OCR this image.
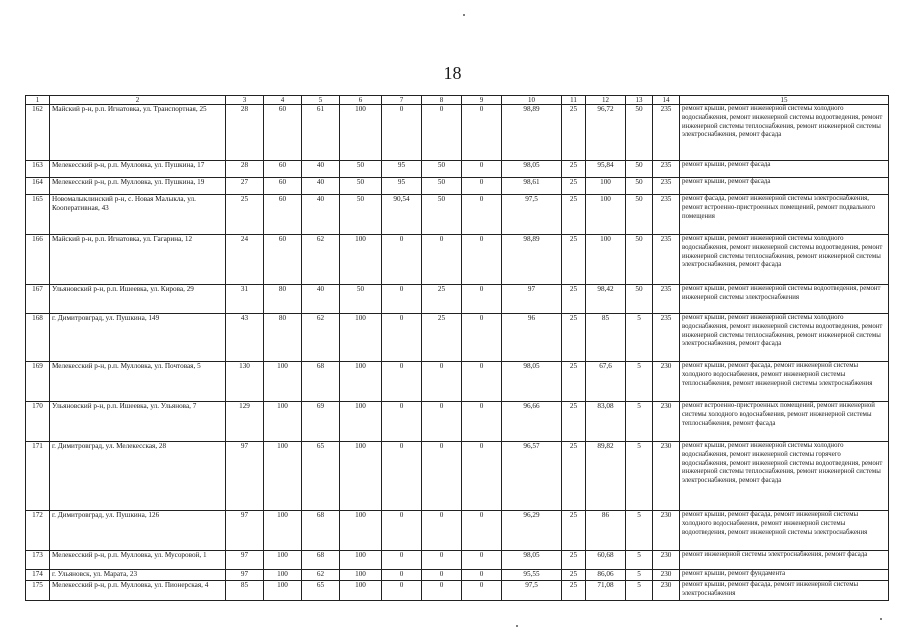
18
1	2	3	4	5	6	7	8	9	10	11	12	13	14	15
162	Майский р-н, р.п. Игнатовка, ул. Транспортная, 25	28	60	61	100	0	0	0	98,89	25	96,72	50	235	ремонт крыши, ремонт инженерной системы холодного водоснабжения, ремонт инженерной системы водоотведения, ремонт инженерной системы теплоснабжения, ремонт инженерной системы электроснабжения, ремонт фасада
163	Мелекесский р-н, р.п. Мулловка, ул. Пушкина, 17	28	60	40	50	95	50	0	98,05	25	95,84	50	235	ремонт крыши, ремонт фасада
164	Мелекесский р-н, р.п. Мулловка, ул. Пушкина, 19	27	60	40	50	95	50	0	98,61	25	100	50	235	ремонт крыши, ремонт фасада
165	Новомалыклинский р-н, с. Новая Малыкла, ул. Кооперативная, 43	25	60	40	50	90,54	50	0	97,5	25	100	50	235	ремонт фасада, ремонт инженерной системы электроснабжения, ремонт встроенно-пристроенных помещений, ремонт подвального помещения
166	Майский р-н, р.п. Игнатовка, ул. Гагарина, 12	24	60	62	100	0	0	0	98,89	25	100	50	235	ремонт крыши, ремонт инженерной системы холодного водоснабжения, ремонт инженерной системы водоотведения, ремонт инженерной системы теплоснабжения, ремонт инженерной системы электроснабжения, ремонт фасада
167	Ульяновский р-н, р.п. Ишеевка, ул. Кирова, 29	31	80	40	50	0	25	0	97	25	98,42	50	235	ремонт крыши, ремонт инженерной системы водоотведения, ремонт инженерной системы электроснабжения
168	г. Димитровград, ул. Пушкина, 149	43	80	62	100	0	25	0	96	25	85	5	235	ремонт крыши, ремонт инженерной системы холодного водоснабжения, ремонт инженерной системы водоотведения, ремонт инженерной системы теплоснабжения, ремонт инженерной системы электроснабжения, ремонт фасада
169	Мелекесский р-н, р.п. Мулловка, ул. Почтовая, 5	130	100	68	100	0	0	0	98,05	25	67,6	5	230	ремонт крыши, ремонт фасада, ремонт инженерной системы холодного водоснабжения, ремонт инженерной системы теплоснабжения, ремонт инженерной системы электроснабжения
170	Ульяновский р-н, р.п. Ишеевка, ул. Ульянова, 7	129	100	69	100	0	0	0	96,66	25	83,08	5	230	ремонт встроенно-пристроенных помещений, ремонт инженерной системы холодного водоснабжения, ремонт инженерной системы теплоснабжения, ремонт фасада
171	г. Димитровград, ул. Мелекесская, 28	97	100	65	100	0	0	0	96,57	25	89,82	5	230	ремонт крыши, ремонт инженерной системы холодного водоснабжения, ремонт инженерной системы горячего водоснабжения, ремонт инженерной системы водоотведения, ремонт инженерной системы теплоснабжения, ремонт инженерной системы электроснабжения, ремонт фасада
172	г. Димитровград, ул. Пушкина, 126	97	100	68	100	0	0	0	96,29	25	86	5	230	ремонт крыши, ремонт фасада, ремонт инженерной системы холодного водоснабжения, ремонт инженерной системы водоотведения, ремонт инженерной системы электроснабжения
173	Мелекесский р-н, р.п. Мулловка, ул. Мусоровой, 1	97	100	68	100	0	0	0	98,05	25	60,68	5	230	ремонт инженерной системы электроснабжения, ремонт фасада
174	г. Ульяновск, ул. Марата, 23	97	100	62	100	0	0	0	95,55	25	86,06	5	230	ремонт крыши, ремонт фундамента
175	Мелекесский р-н, р.п. Мулловка, ул. Пионерская, 4	85	100	65	100	0	0	0	97,5	25	71,08	5	230	ремонт крыши, ремонт фасада, ремонт инженерной системы электроснабжения
